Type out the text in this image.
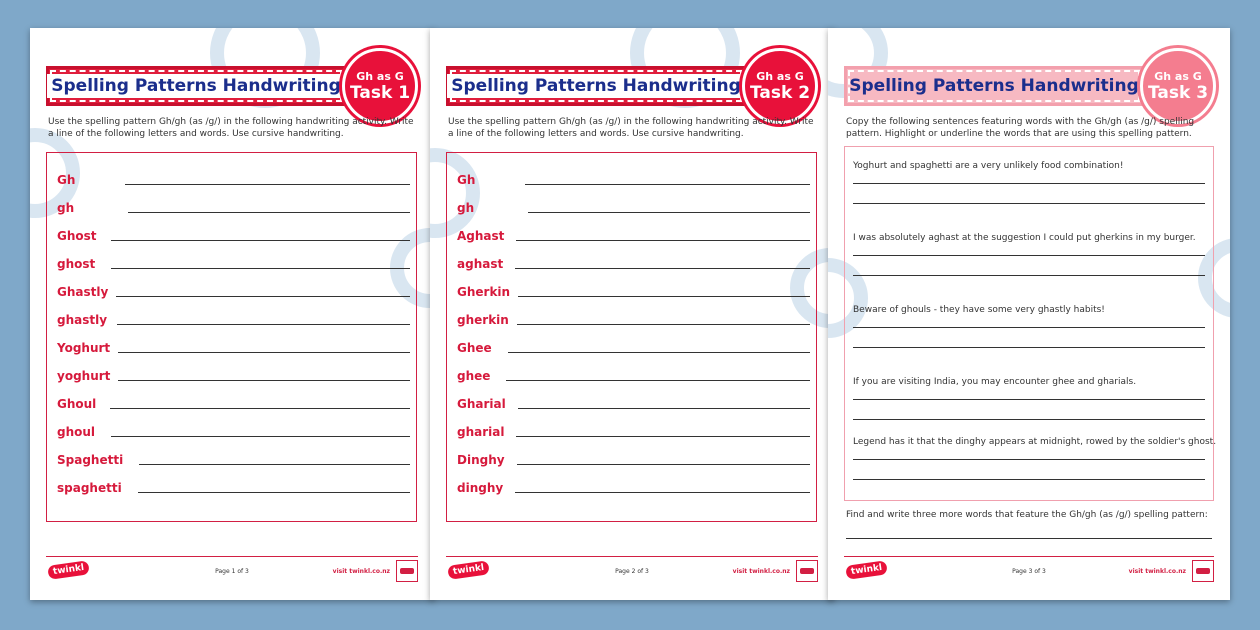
Spelling Patterns Handwriting	Gh as G
Task 1
Use the spelling pattern Gh/gh (as /g/) in the following handwriting activity. Write a line of the following letters and words. Use cursive handwriting.
Gh
gh
Ghost
ghost
Ghastly
ghastly
Yoghurt
yoghurt
Ghoul
ghoul
Spaghetti
spaghetti
twinkl	Page 1 of 3	visit twinkl.co.nz
Spelling Patterns Handwriting	Gh as G
Task 2
Use the spelling pattern Gh/gh (as /g/) in the following handwriting activity. Write a line of the following letters and words. Use cursive handwriting.
Gh
gh
Aghast
aghast
Gherkin
gherkin
Ghee
ghee
Gharial
gharial
Dinghy
dinghy
twinkl	Page 2 of 3	visit twinkl.co.nz
Spelling Patterns Handwriting	Gh as G
Task 3
Copy the following sentences featuring words with the Gh/gh (as /g/) spelling pattern. Highlight or underline the words that are using this spelling pattern.
Yoghurt and spaghetti are a very unlikely food combination!
I was absolutely aghast at the suggestion I could put gherkins in my burger.
Beware of ghouls - they have some very ghastly habits!
If you are visiting India, you may encounter ghee and gharials.
Legend has it that the dinghy appears at midnight, rowed by the soldier's ghost.
Find and write three more words that feature the Gh/gh (as /g/) spelling pattern:
twinkl	Page 3 of 3	visit twinkl.co.nz
